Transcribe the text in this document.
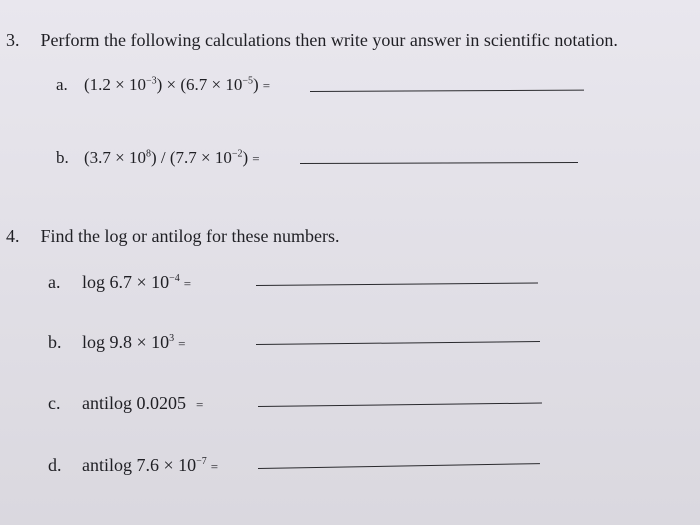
3. Perform the following calculations then write your answer in scientific notation.
a. $(1.2 \times 10^{-3}) \times (6.7 \times 10^{-5})$ =
b. $(3.7 \times 10^8) / (7.7 \times 10^{-2})$ =
4. Find the log or antilog for these numbers.
a.	$\log 6.7 \times 10^{-4}$ =
b.	$\log 9.8 \times 10^3$ =
c.	antilog 0.0205 =
d.	antilog $7.6 \times 10^{-7}$ =
